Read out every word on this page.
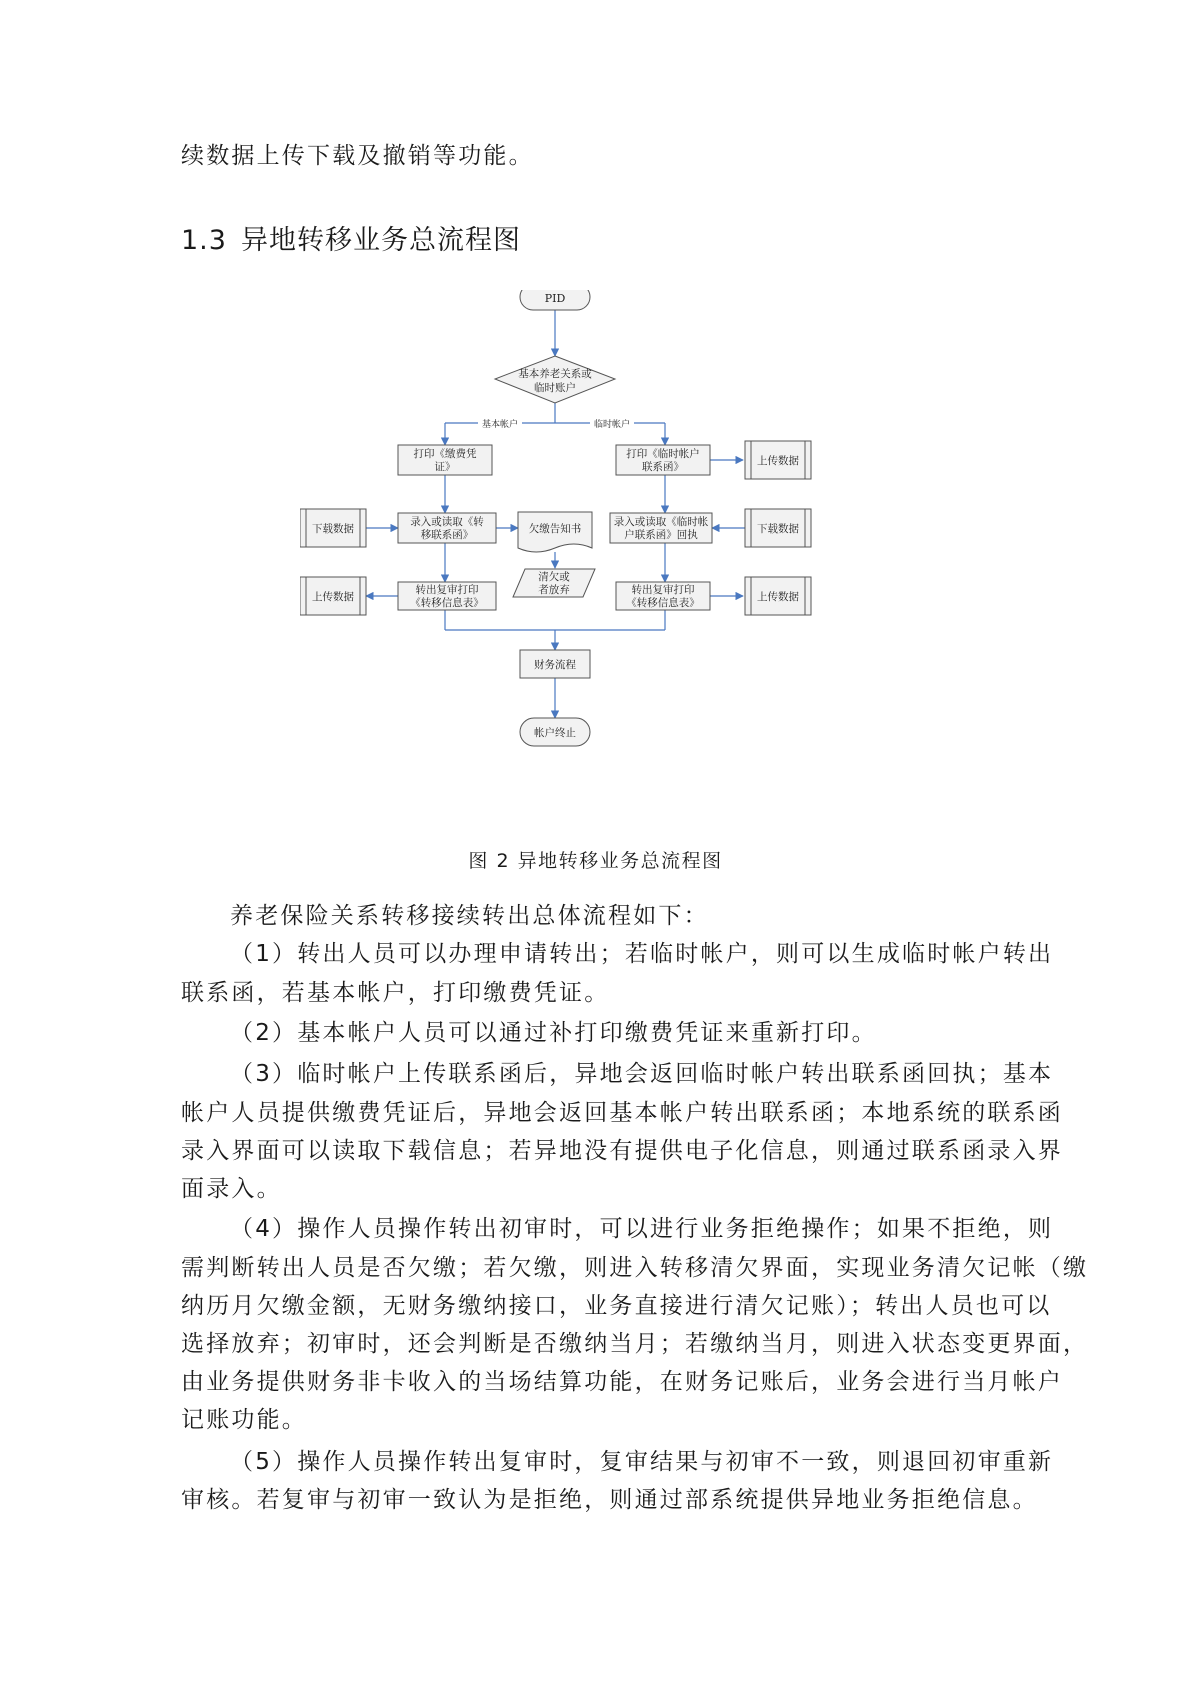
续数据上传下载及撤销等功能。
1.3 异地转移业务总流程图
PID
基本养老关系或
临时账户
基本帐户	临时帐户
打印《缴费凭
证》
打印《临时帐户
联系函》	上传数据
下载数据
录入或读取《转
移联系函》	欠缴告知书
录入或读取《临时帐
户联系函》回执	下载数据
清欠或
者放弃
上传数据
转出复审打印
《转移信息表》
转出复审打印
《转移信息表》	上传数据
财务流程
帐户终止
图 2 异地转移业务总流程图
养老保险关系转移接续转出总体流程如下：
（1）转出人员可以办理申请转出；若临时帐户，则可以生成临时帐户转出
联系函，若基本帐户，打印缴费凭证。
（2）基本帐户人员可以通过补打印缴费凭证来重新打印。
（3）临时帐户上传联系函后，异地会返回临时帐户转出联系函回执；基本
帐户人员提供缴费凭证后，异地会返回基本帐户转出联系函；本地系统的联系函
录入界面可以读取下载信息；若异地没有提供电子化信息，则通过联系函录入界
面录入。
（4）操作人员操作转出初审时，可以进行业务拒绝操作；如果不拒绝，则
需判断转出人员是否欠缴；若欠缴，则进入转移清欠界面，实现业务清欠记帐（缴
纳历月欠缴金额，无财务缴纳接口，业务直接进行清欠记账）；转出人员也可以
选择放弃；初审时，还会判断是否缴纳当月；若缴纳当月，则进入状态变更界面，
由业务提供财务非卡收入的当场结算功能，在财务记账后，业务会进行当月帐户
记账功能。
（5）操作人员操作转出复审时，复审结果与初审不一致，则退回初审重新
审核。若复审与初审一致认为是拒绝，则通过部系统提供异地业务拒绝信息。
